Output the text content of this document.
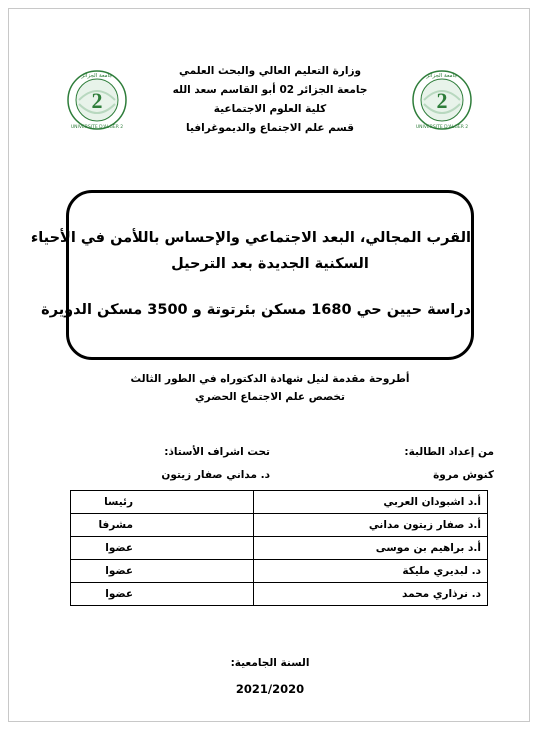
2
جامعة الجزائر
UNIVERSITE D'ALGER 2
2
جامعة الجزائر
UNIVERSITE D'ALGER 2
وزارة التعليم العالي والبحث العلمي
جامعة الجزائر 02 أبو القاسم سعد الله
كلية العلوم الاجتماعية
قسم علم الاجتماع والديموغرافيا
القرب المجالي، البعد الاجتماعي والإحساس باللأمن في الأحياء
السكنية الجديدة بعد الترحيل
دراسة حيين حي 1680 مسكن بئرتوتة و 3500 مسكن الدويرة
أطروحة مقدمة لنيل شهادة الدكتوراه في الطور الثالث
تخصص علم الاجتماع الحضري
من إعداد الطالبة:
كنوش مروة
تحت اشراف الأستاذ:
د. مداني صفار زيتون
أ.د اشبودان العربي	رئيسا
أ.د صفار زيتون مداني	مشرفا
أ.د براهيم بن موسى	عضوا
د. لبديري مليكة	عضوا
د. نرذاري محمد	عضوا
السنة الجامعية:
2021/2020
